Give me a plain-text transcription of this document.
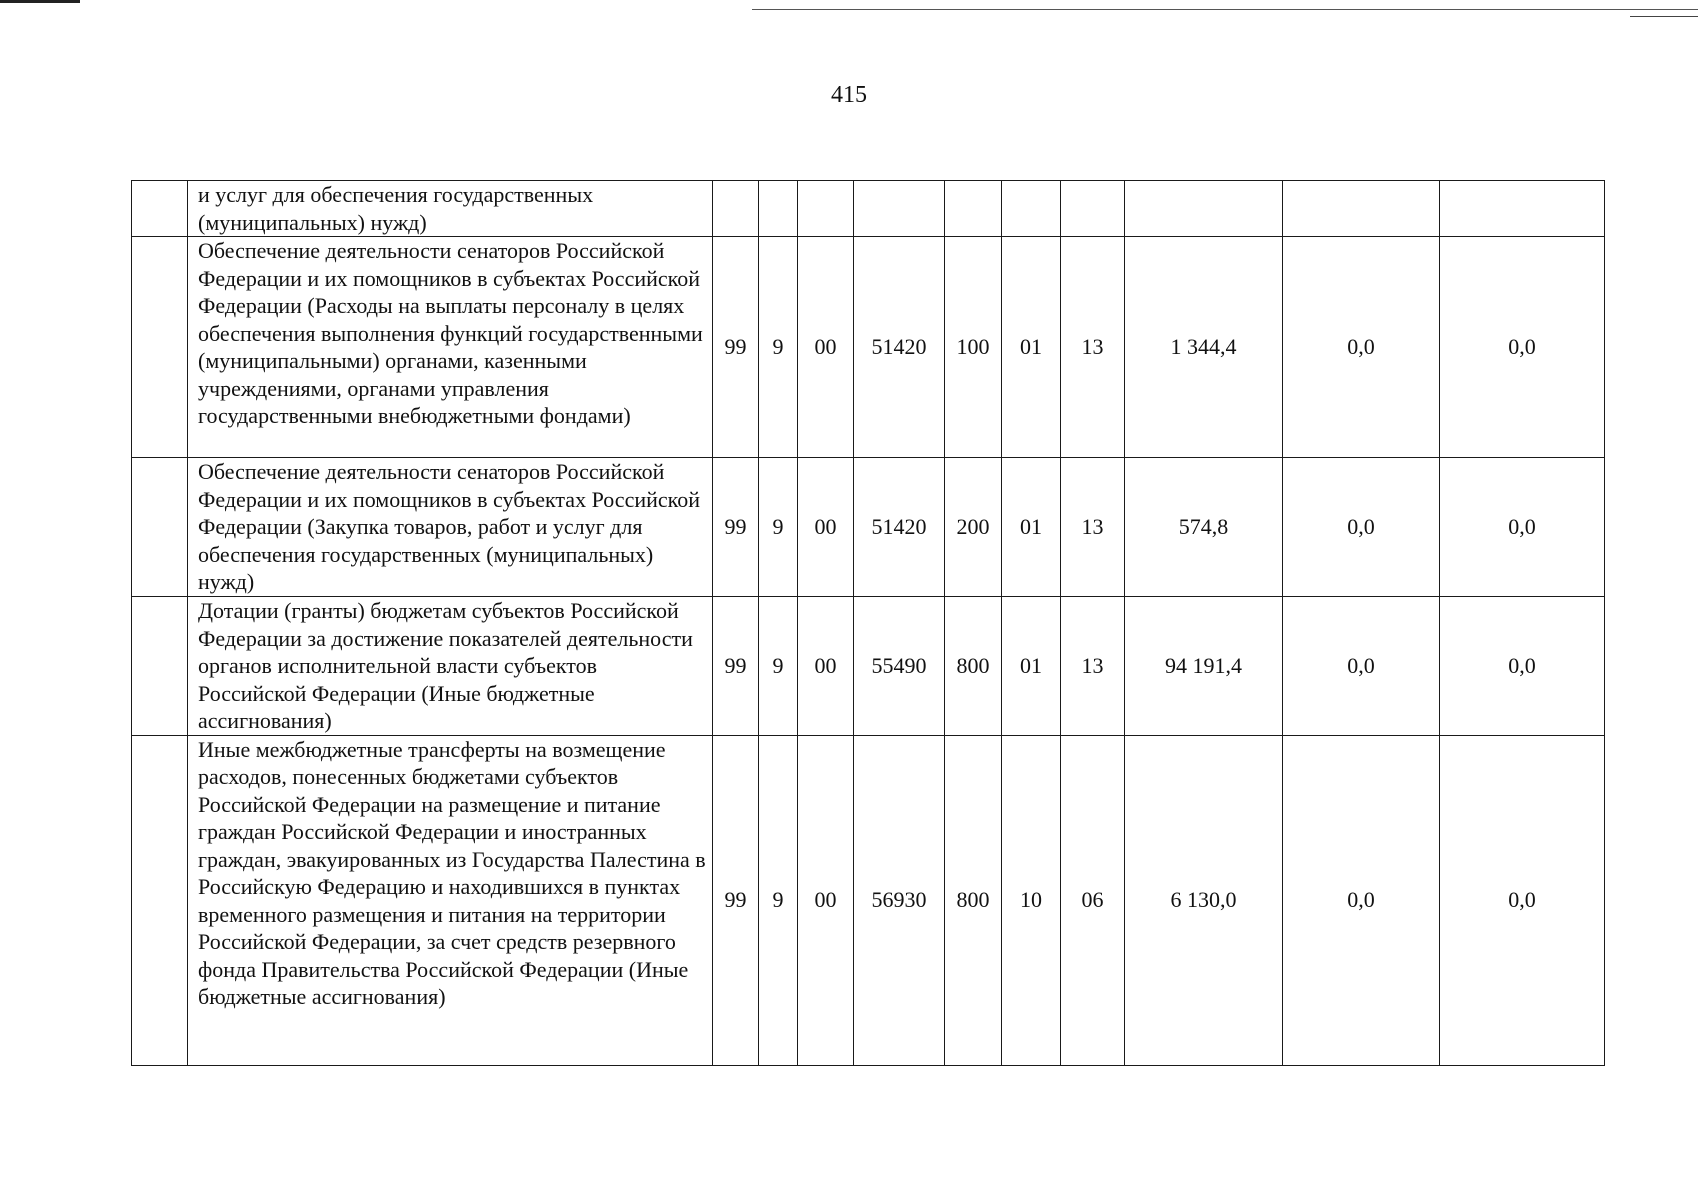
415
	и услуг для обеспечения государственных (муниципальных) нужд)										
	Обеспечение деятельности сенаторов Российской Федерации и их помощников в субъектах Российской Федерации (Расходы на выплаты персоналу в целях обеспечения выполнения функций государственными (муниципальными) органами, казенными учреждениями, органами управления государственными внебюджетными фондами)	99	9	00	51420	100	01	13	1 344,4	0,0	0,0
	Обеспечение деятельности сенаторов Российской Федерации и их помощников в субъектах Российской Федерации (Закупка товаров, работ и услуг для обеспечения государственных (муниципальных) нужд)	99	9	00	51420	200	01	13	574,8	0,0	0,0
	Дотации (гранты) бюджетам субъектов Российской Федерации за достижение показателей деятельности органов исполнительной власти субъектов Российской Федерации (Иные бюджетные ассигнования)	99	9	00	55490	800	01	13	94 191,4	0,0	0,0
	Иные межбюджетные трансферты на возмещение расходов, понесенных бюджетами субъектов Российской Федерации на размещение и питание граждан Российской Федерации и иностранных граждан, эвакуированных из Государства Палестина в Российскую Федерацию и находившихся в пунктах временного размещения и питания на территории Российской Федерации, за счет средств резервного фонда Правительства Российской Федерации (Иные бюджетные ассигнования)	99	9	00	56930	800	10	06	6 130,0	0,0	0,0
